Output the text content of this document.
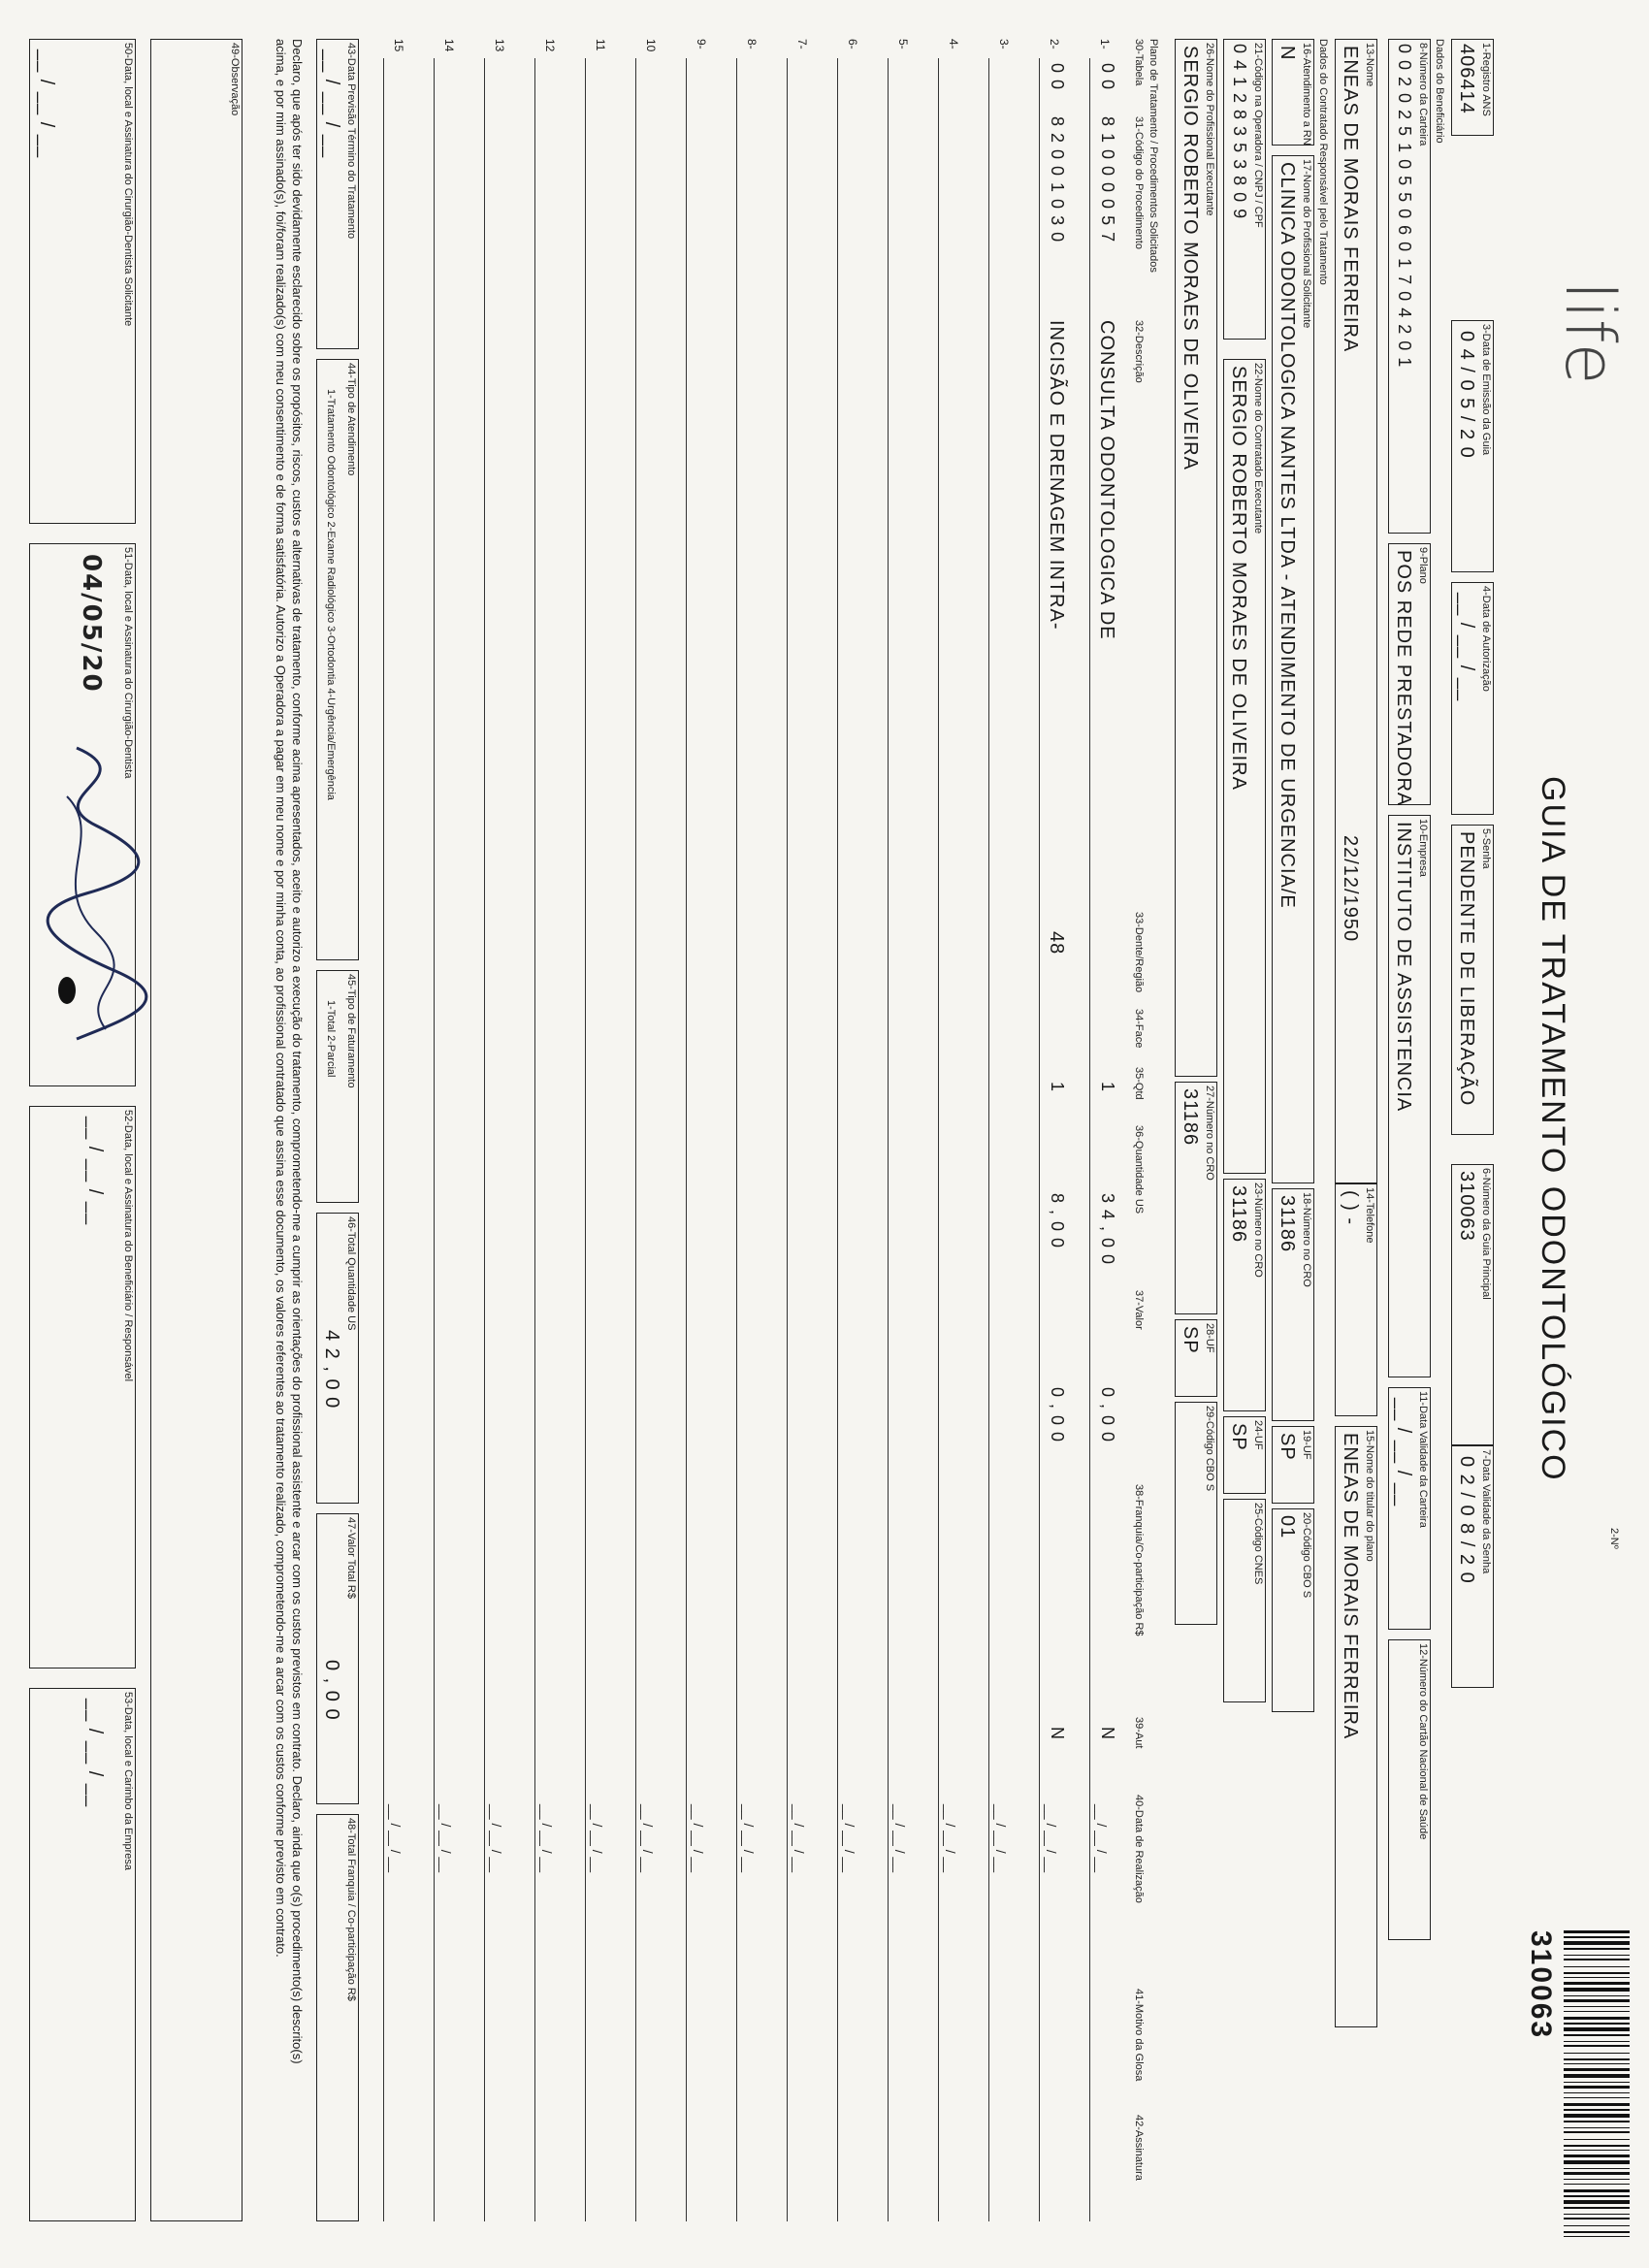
life
GUIA DE TRATAMENTO ODONTOLÓGICO
2-Nº
310063
1-Registro ANS
406414
3-Data de Emissão da Guia
0 4 / 0 5 / 2 0
4-Data de Autorização
__ / __ / __
5-Senha
PENDENTE DE LIBERAÇÃO
6-Número da Guia Principal
310063
7-Data Validade da Senha
0 2 / 0 8 / 2 0
Dados do Beneficiário
8-Número da Carteira
0 0 2 0 2 5 1 0 5 5 0 6 0 1 7 0 4 2 0 1
9-Plano
POS REDE PRESTADORA
10-Empresa
INSTITUTO DE ASSISTENCIA
11-Data Validade da Carteira
__ / __ / __
12-Número do Cartão Nacional de Saúde
13-Nome
ENEAS DE MORAIS FERREIRA
22/12/1950
14-Telefone
( ) -
15-Nome do titular do plano
ENEAS DE MORAIS FERREIRA
Dados do Contratado Responsável pelo Tratamento
16-Atendimento a RN
N
17-Nome do Profissional Solicitante
CLINICA ODONTOLOGICA NANTES LTDA - ATENDIMENTO DE URGENCIA/E
18-Número no CRO
31186
19-UF
SP
20-Código CBO S
01
21-Código na Operadora / CNPJ / CPF
0 4 1 2 8 3 5 3 8 0 9
22-Nome do Contratado Executante
SERGIO ROBERTO MORAES DE OLIVEIRA
23-Número no CRO
31186
24-UF
SP
25-Código CNES
26-Nome do Profissional Executante
SERGIO ROBERTO MORAES DE OLIVEIRA
27-Número no CRO
31186
28-UF
SP
29-Código CBO S
Plano de Tratamento / Procedimentos Solicitados
43-Data Previsão Término do Tratamento
__ / __ / __
44-Tipo de Atendimento
1-Tratamento Odontológico 2-Exame Radiológico 3-Ortodontia 4-Urgência/Emergência
45-Tipo de Faturamento
1-Total 2-Parcial
46-Total Quantidade US
4 2 , 0 0
47-Valor Total R$
0 , 0 0
48-Total Franquia / Co-participação R$
Declaro, que após ter sido devidamente esclarecido sobre os propósitos, riscos, custos e alternativas de tratamento, conforme acima apresentados, aceito e autorizo a execução do tratamento, comprometendo-me a cumprir as orientações do profissional assistente e arcar com os custos previstos em contrato. Declaro, ainda que o(s) procedimento(s) descrito(s) acima, e por mim assinado(s), foi/foram realizado(s) com meu consentimento e de forma satisfatória. Autorizo a Operadora a pagar em meu nome e por minha conta, ao profissional contratado que assina esse documento, os valores referentes ao tratamento realizado, comprometendo-me a arcar com os custos conforme previsto em contrato.
49-Observação
50-Data, local e Assinatura do Cirurgião-Dentista Solicitante
__ / __ / __
51-Data, local e Assinatura do Cirurgião-Dentista
04/05/20
52-Data, local e Assinatura do Beneficiário / Responsável
__ / __ / __
53-Data, local e Carimbo da Empresa
__ / __ / __
30-Tabela
31-Código do Procedimento
32-Descrição
33-Dente/Região
34-Face
35-Qtd
36-Quantidade US
37-Valor
38-Franquia/Co-participação R$
39-Aut
40-Data de Realização
41-Motivo da Glosa
42-Assinatura
1-
0 0
8 1 0 0 0 0 5 7
CONSULTA ODONTOLOGICA DE
1
3 4 , 0 0
0 , 0 0
N
__ / __ / __
2-
0 0
8 2 0 0 1 0 3 0
INCISÃO E DRENAGEM INTRA-
48
1
8 , 0 0
0 , 0 0
N
__ / __ / __
3-
__ / __ / __
4-
__ / __ / __
5-
__ / __ / __
6-
__ / __ / __
7-
__ / __ / __
8-
__ / __ / __
9-
__ / __ / __
10
__ / __ / __
11
__ / __ / __
12
__ / __ / __
13
__ / __ / __
14
__ / __ / __
15
__ / __ / __
